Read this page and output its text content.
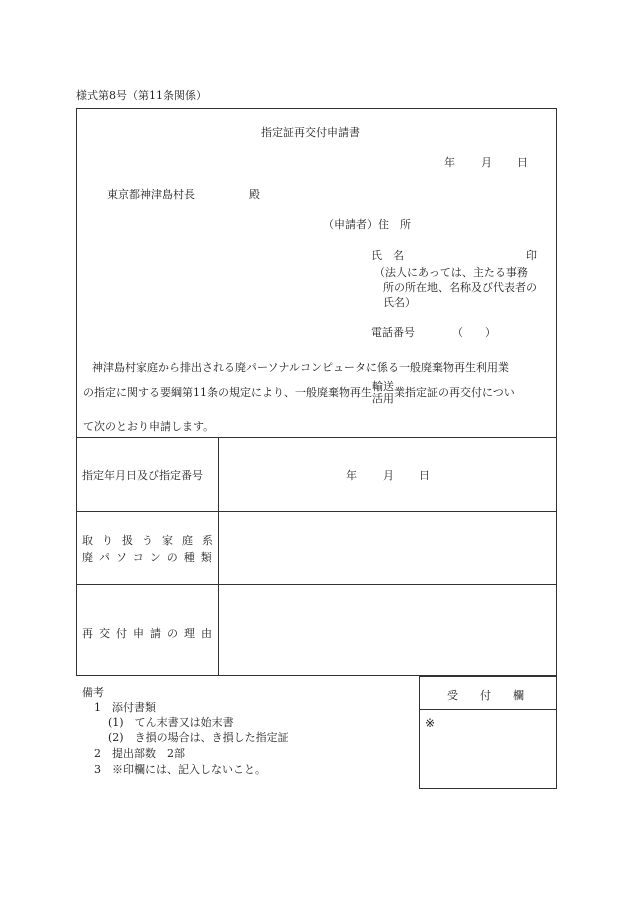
様式第8号（第11条関係）
指定証再交付申請書
年 月 日
東京都神津島村長	殿
（申請者）住　所
氏　名	印
（法人にあっては、主たる事務
所の所在地、名称及び代表者の
氏名）
電話番号	（　　）
神津島村家庭から排出される廃パーソナルコンピュータに係る一般廃棄物再生利用業
の指定に関する要綱第11条の規定により、一般廃棄物再生輸送
活用業指定証の再交付につい
て次のとおり申請します。
指定年月日及び指定番号	年 月 日
取り扱う家庭系
廃パソコンの種類
再交付申請の理由
備考
1　添付書類
(1)　てん末書又は始末書
(2)　き損の場合は、き損した指定証
2　提出部数　2部
3　※印欄には、記入しないこと。
受付欄
※
